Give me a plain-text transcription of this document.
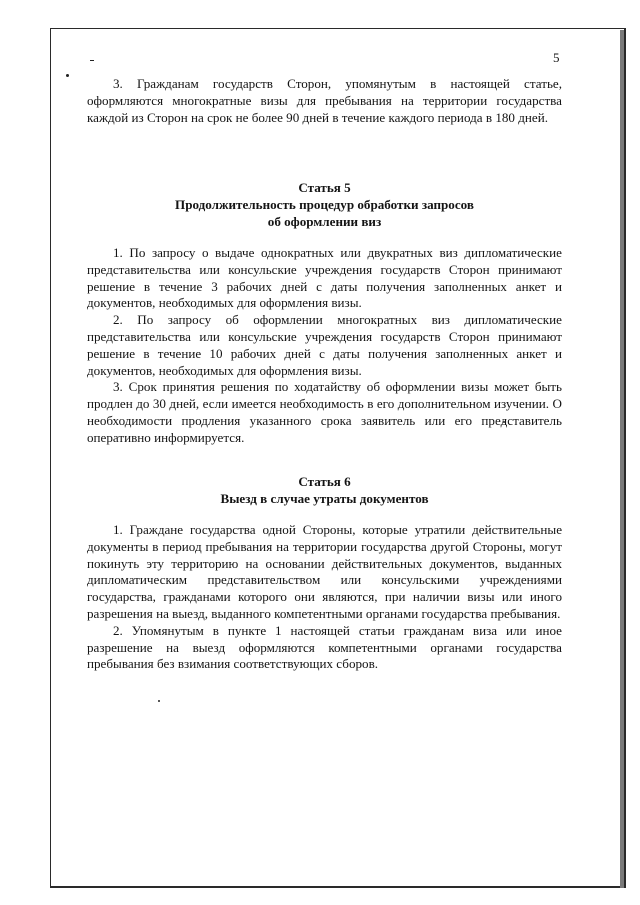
5

3. Гражданам государств Сторон, упомянутым в настоящей статье, оформляются многократные визы для пребывания на территории государства каждой из Сторон на срок не более 90 дней в течение каждого периода в 180 дней.

Статья 5
Продолжительность процедур обработки запросов
об оформлении виз

1. По запросу о выдаче однократных или двукратных виз дипломатические представительства или консульские учреждения государств Сторон принимают решение в течение 3 рабочих дней с даты получения заполненных анкет и документов, необходимых для оформления визы.

2. По запросу об оформлении многократных виз дипломатические представительства или консульские учреждения государств Сторон принимают решение в течение 10 рабочих дней с даты получения заполненных анкет и документов, необходимых для оформления визы.

3. Срок принятия решения по ходатайству об оформлении визы может быть продлен до 30 дней, если имеется необходимость в его дополнительном изучении. О необходимости продления указанного срока заявитель или его представитель оперативно информируется.

Статья 6
Выезд в случае утраты документов

1. Граждане государства одной Стороны, которые утратили действительные документы в период пребывания на территории государства другой Стороны, могут покинуть эту территорию на основании действительных документов, выданных дипломатическим представительством или консульскими учреждениями государства, гражданами которого они являются, при наличии визы или иного разрешения на выезд, выданного компетентными органами государства пребывания.

2. Упомянутым в пункте 1 настоящей статьи гражданам виза или иное разрешение на выезд оформляются компетентными органами государства пребывания без взимания соответствующих сборов.
